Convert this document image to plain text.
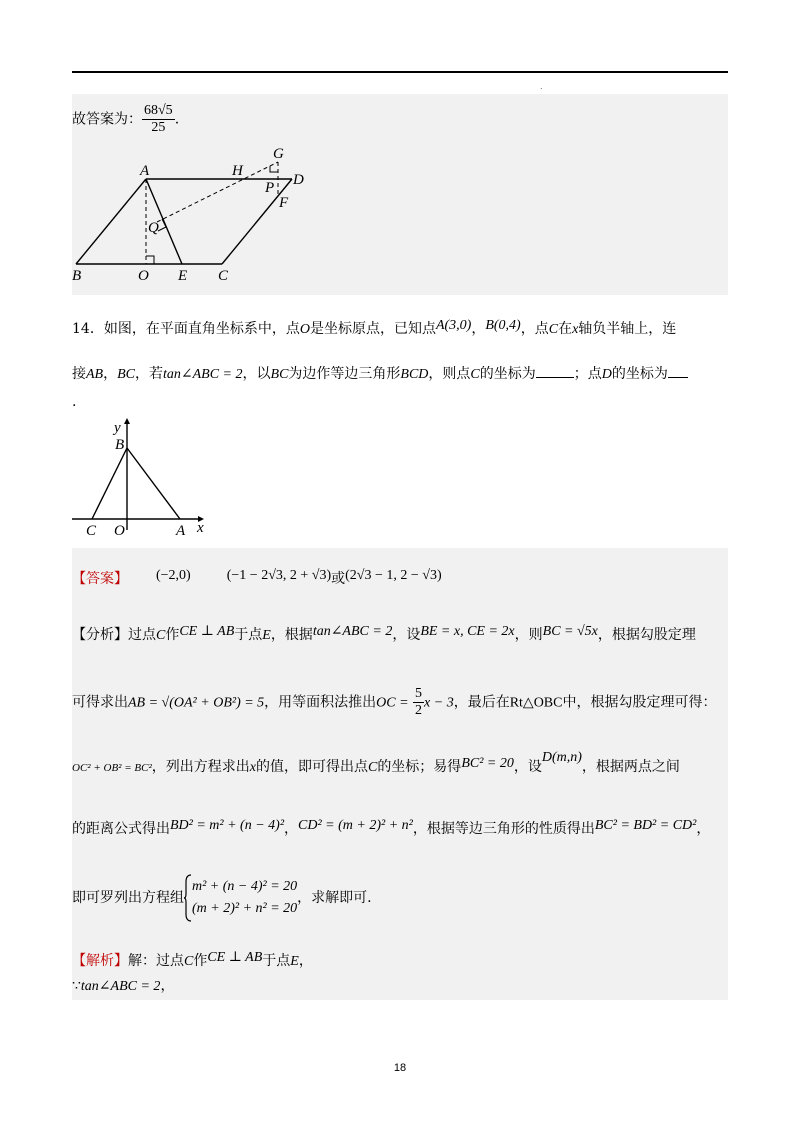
.
故答案为： $\frac{68√5}{25}$ .
A	H
G
P D
F
Q
B	O E C
14．如图，在平面直角坐标系中，点O是坐标原点，已知点A(3,0)，B(0,4)，点C在x轴负半轴上，连
接AB，BC，若tan∠ABC = 2，以BC为边作等边三角形BCD，则点C的坐标为	；点D的坐标为
.
y
B
C O	A x
【答案】 (−2,0)	(−1 − 2√3, 2 + √3)或(2√3 − 1, 2 − √3)
【分析】过点C作CE ⊥ AB于点E，根据tan∠ABC = 2，设BE = x, CE = 2x，则BC = √5x，根据勾股定理
可得求出AB = √(OA² + OB²) = 5，用等面积法推出OC = $\frac{5}{2}$ x − 3，最后在Rt△OBC中，根据勾股定理可得：
OC² + OB² = BC²，列出方程求出x的值，即可得出点C的坐标；易得BC² = 20，设D(m,n)，根据两点之间
的距离公式得出BD² = m² + (n − 4)²，CD² = (m + 2)² + n²，根据等边三角形的性质得出BC² = BD² = CD²，
即可罗列出方程组
m² + (n − 4)² = 20
(m + 2)² + n² = 20
，求解即可.
【解析】解：过点C作CE ⊥ AB于点E，
∵tan∠ABC = 2，
18
